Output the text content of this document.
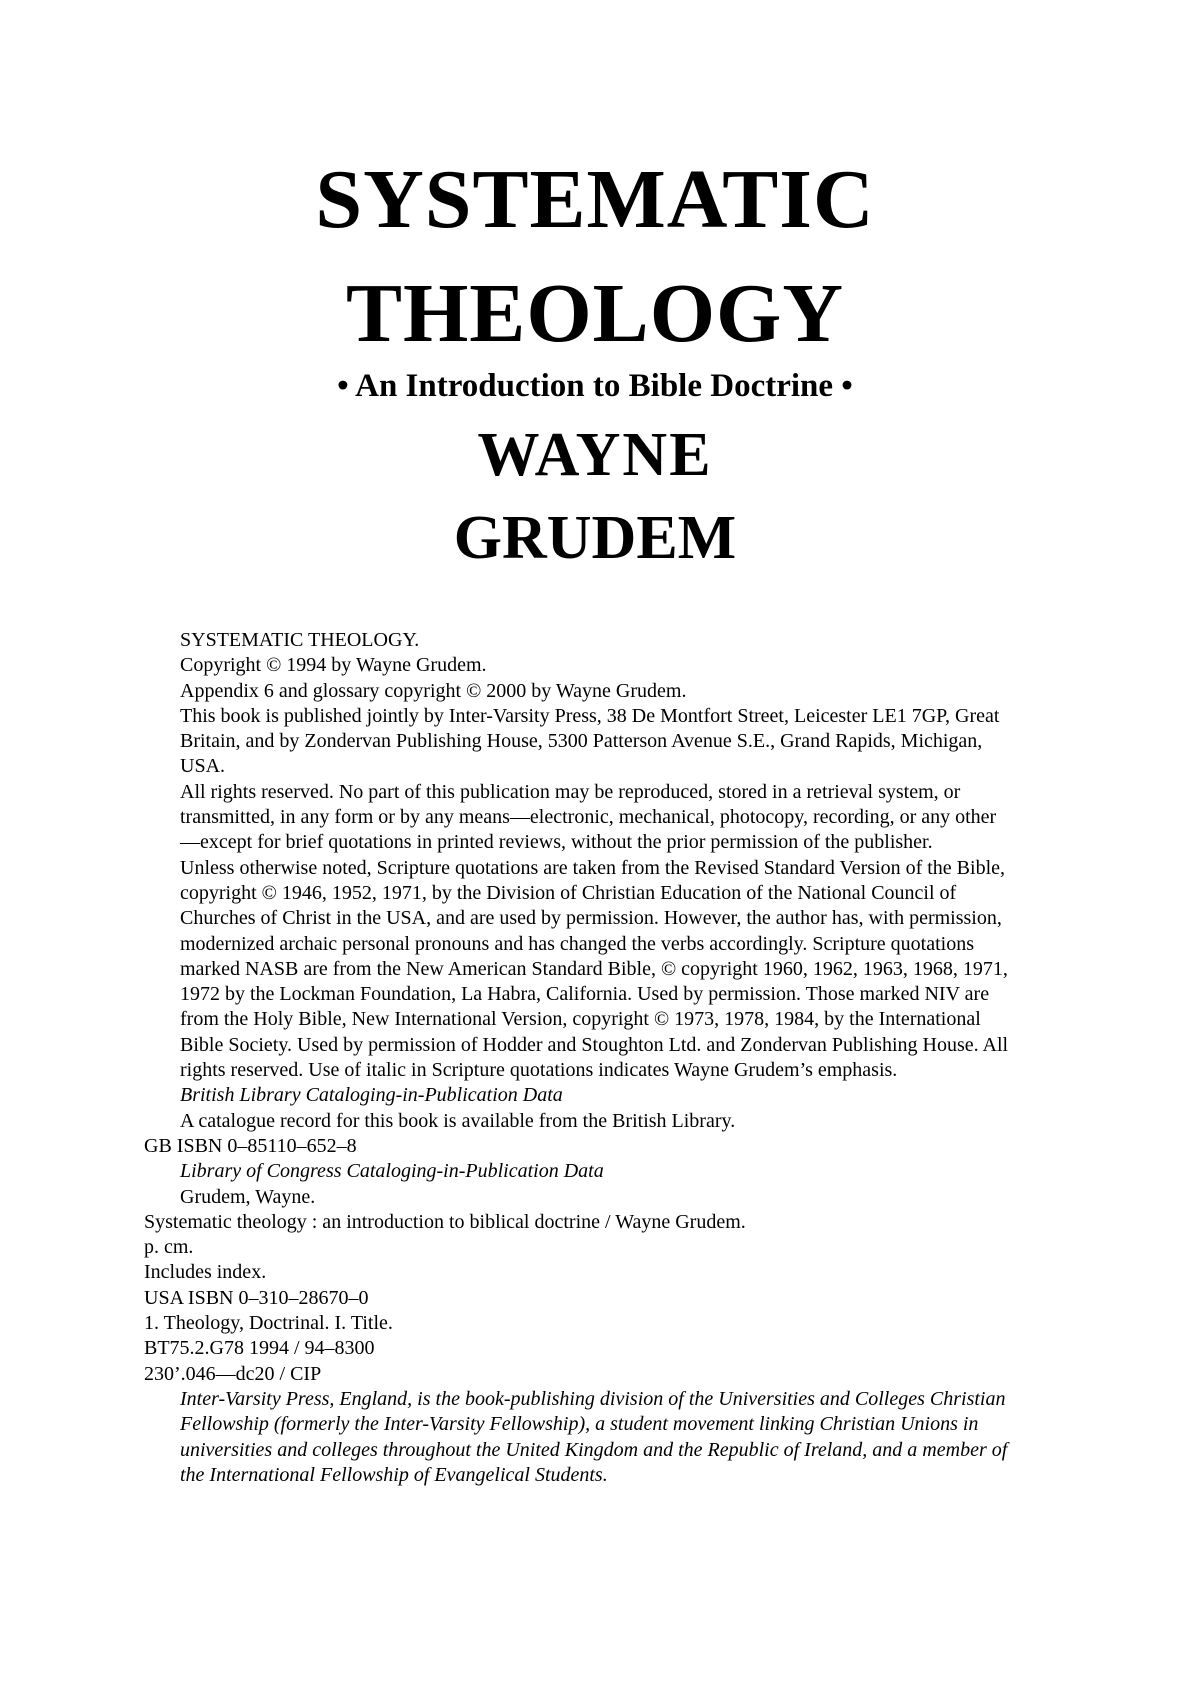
SYSTEMATIC
THEOLOGY
• An Introduction to Bible Doctrine •
WAYNE
GRUDEM

SYSTEMATIC THEOLOGY.

Copyright © 1994 by Wayne Grudem.

Appendix 6 and glossary copyright © 2000 by Wayne Grudem.

This book is published jointly by Inter-Varsity Press, 38 De Montfort Street, Leicester LE1 7GP, Great Britain, and by Zondervan Publishing House, 5300 Patterson Avenue S.E., Grand Rapids, Michigan, USA.

All rights reserved. No part of this publication may be reproduced, stored in a retrieval system, or transmitted, in any form or by any means—electronic, mechanical, photocopy, recording, or any other—except for brief quotations in printed reviews, without the prior permission of the publisher.

Unless otherwise noted, Scripture quotations are taken from the Revised Standard Version of the Bible, copyright © 1946, 1952, 1971, by the Division of Christian Education of the National Council of Churches of Christ in the USA, and are used by permission. However, the author has, with permission, modernized archaic personal pronouns and has changed the verbs accordingly. Scripture quotations marked NASB are from the New American Standard Bible, © copyright 1960, 1962, 1963, 1968, 1971, 1972 by the Lockman Foundation, La Habra, California. Used by permission. Those marked NIV are from the Holy Bible, New International Version, copyright © 1973, 1978, 1984, by the International Bible Society. Used by permission of Hodder and Stoughton Ltd. and Zondervan Publishing House. All rights reserved. Use of italic in Scripture quotations indicates Wayne Grudem’s emphasis.

British Library Cataloging-in-Publication Data

A catalogue record for this book is available from the British Library.

GB ISBN 0–85110–652–8

Library of Congress Cataloging-in-Publication Data

Grudem, Wayne.

Systematic theology : an introduction to biblical doctrine / Wayne Grudem.

p. cm.

Includes index.

USA ISBN 0–310–28670–0

1. Theology, Doctrinal. I. Title.

BT75.2.G78 1994 / 94–8300

230’.046—dc20 / CIP

Inter-Varsity Press, England, is the book-publishing division of the Universities and Colleges Christian Fellowship (formerly the Inter-Varsity Fellowship), a student movement linking Christian Unions in universities and colleges throughout the United Kingdom and the Republic of Ireland, and a member of the International Fellowship of Evangelical Students.
